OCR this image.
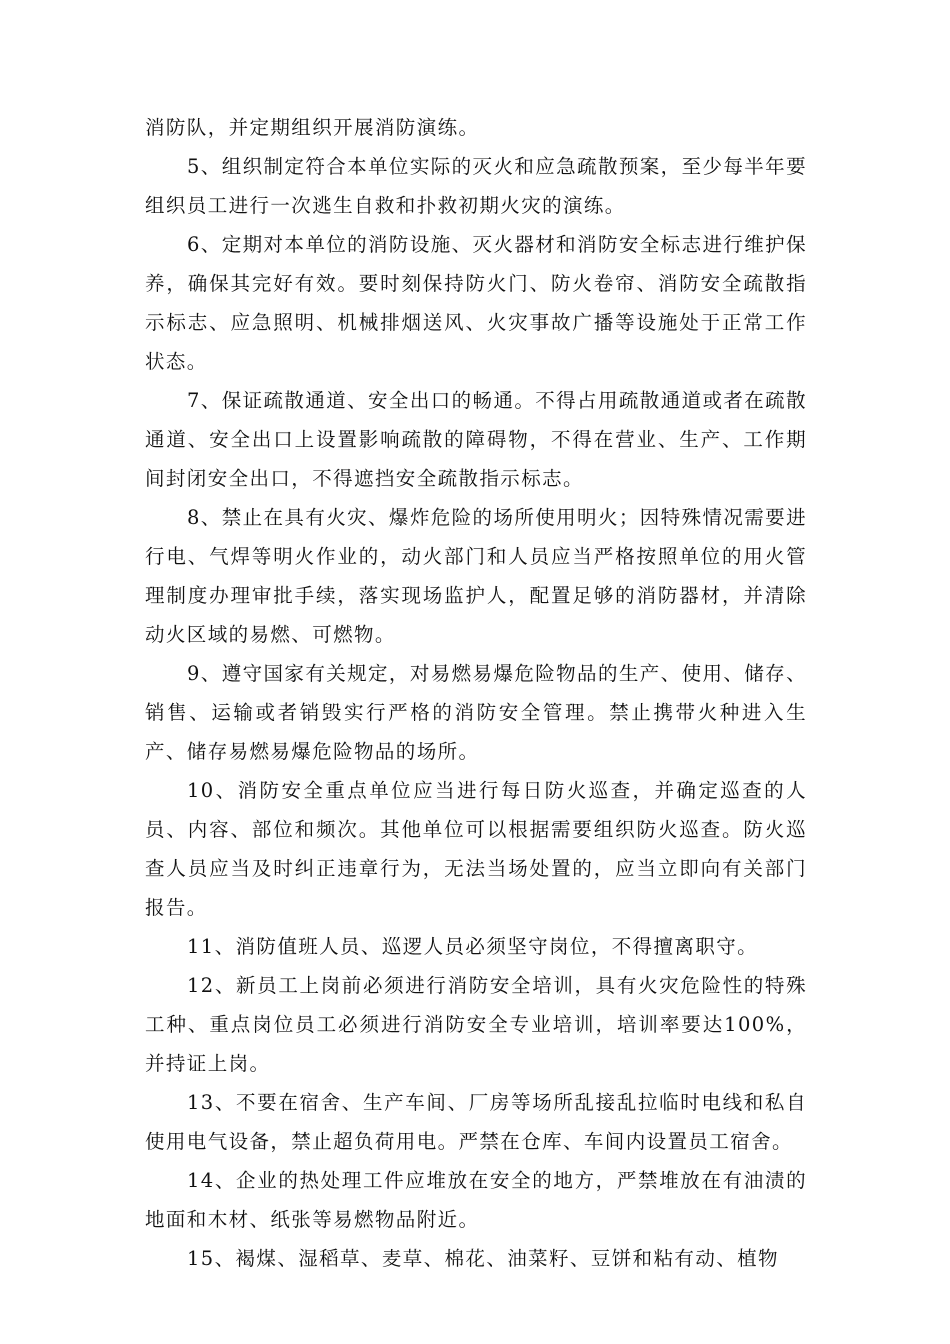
消防队，并定期组织开展消防演练。

5、组织制定符合本单位实际的灭火和应急疏散预案，至少每半年要组织员工进行一次逃生自救和扑救初期火灾的演练。

6、定期对本单位的消防设施、灭火器材和消防安全标志进行维护保养，确保其完好有效。要时刻保持防火门、防火卷帘、消防安全疏散指示标志、应急照明、机械排烟送风、火灾事故广播等设施处于正常工作状态。

7、保证疏散通道、安全出口的畅通。不得占用疏散通道或者在疏散通道、安全出口上设置影响疏散的障碍物，不得在营业、生产、工作期间封闭安全出口，不得遮挡安全疏散指示标志。

8、禁止在具有火灾、爆炸危险的场所使用明火；因特殊情况需要进行电、气焊等明火作业的，动火部门和人员应当严格按照单位的用火管理制度办理审批手续，落实现场监护人，配置足够的消防器材，并清除动火区域的易燃、可燃物。

9、遵守国家有关规定，对易燃易爆危险物品的生产、使用、储存、销售、运输或者销毁实行严格的消防安全管理。禁止携带火种进入生产、储存易燃易爆危险物品的场所。

10、消防安全重点单位应当进行每日防火巡查，并确定巡查的人员、内容、部位和频次。其他单位可以根据需要组织防火巡查。防火巡查人员应当及时纠正违章行为，无法当场处置的，应当立即向有关部门报告。

11、消防值班人员、巡逻人员必须坚守岗位，不得擅离职守。

12、新员工上岗前必须进行消防安全培训，具有火灾危险性的特殊工种、重点岗位员工必须进行消防安全专业培训，培训率要达100%，并持证上岗。

13、不要在宿舍、生产车间、厂房等场所乱接乱拉临时电线和私自使用电气设备，禁止超负荷用电。严禁在仓库、车间内设置员工宿舍。

14、企业的热处理工件应堆放在安全的地方，严禁堆放在有油渍的地面和木材、纸张等易燃物品附近。

15、褐煤、湿稻草、麦草、棉花、油菜籽、豆饼和粘有动、植物
